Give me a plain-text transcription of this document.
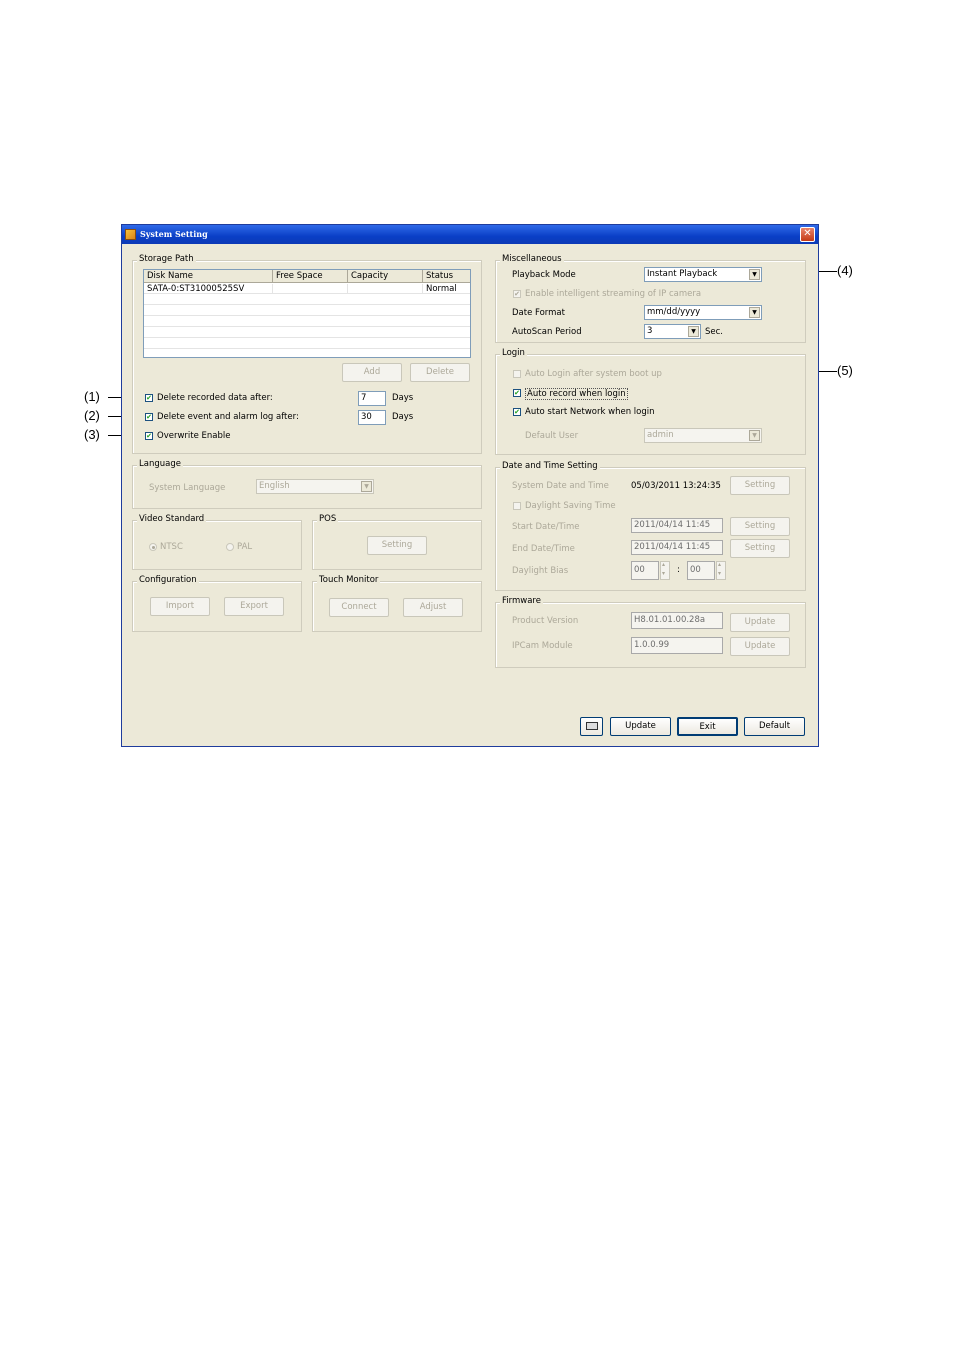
(1)
(2)
(3)
(4)
(5)
System Setting	✕
Storage Path
Disk Name	Free Space	Capacity	Status
SATA-0:ST31000525SV	Normal
Add	Delete
✔ Delete recorded data after:	7	Days
✔ Delete event and alarm log after:	30	Days
✔ Overwrite Enable
Language
System Language	English	▼
Video Standard
NTSC	PAL
POS
Setting
Configuration
Import	Export
Touch Monitor
Connect	Adjust
Miscellaneous
Playback Mode	Instant Playback	▼
✔ Enable intelligent streaming of IP camera
Date Format	mm/dd/yyyy	▼
AutoScan Period	3	▼	Sec.
Login
Auto Login after system boot up
✔ Auto record when login
✔ Auto start Network when login
Default User	admin	▼
Date and Time Setting
System Date and Time	05/03/2011 13:24:35	Setting
Daylight Saving Time
Start Date/Time	2011/04/14 11:45	Setting
End Date/Time	2011/04/14 11:45	Setting
Daylight Bias	00
▴ ▾	:	00
▴ ▾
Firmware
Product Version	H8.01.01.00.28a	Update
IPCam Module	1.0.0.99	Update
Update	Exit	Default
